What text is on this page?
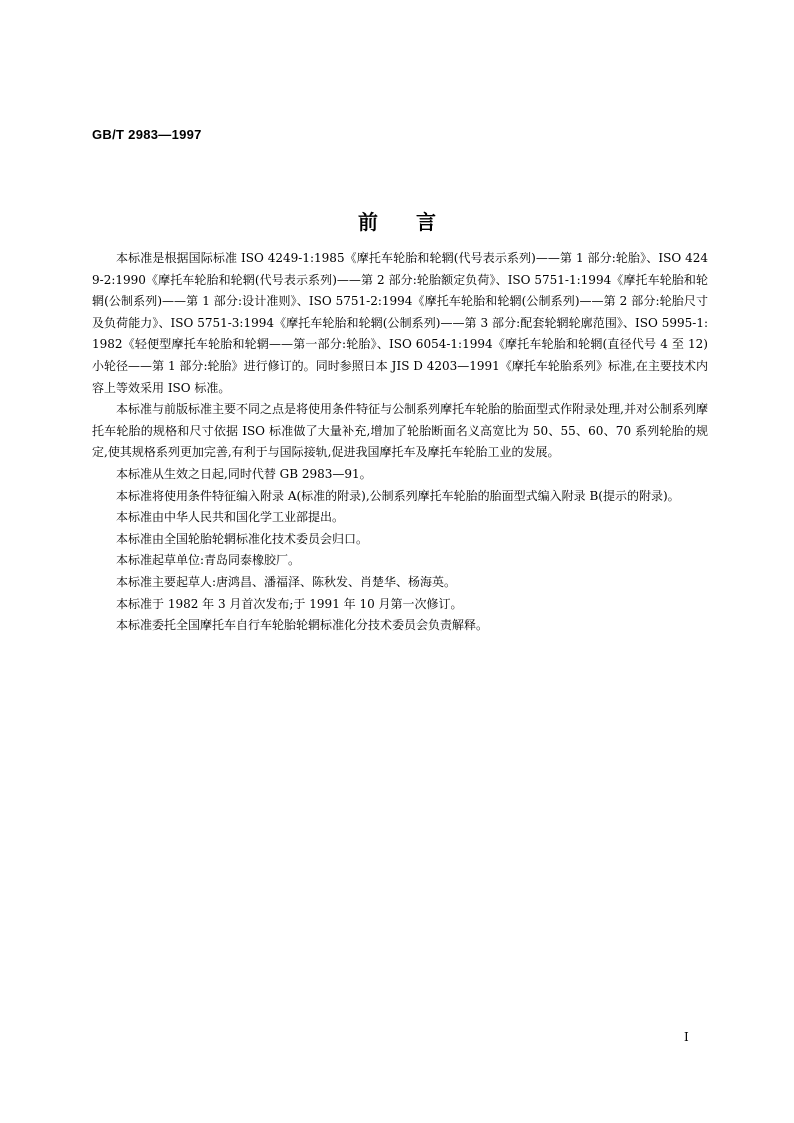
GB/T 2983—1997
前言

本标准是根据国际标准 ISO 4249-1:1985《摩托车轮胎和轮辋(代号表示系列)——第 1 部分:轮胎》、ISO 4249-2:1990《摩托车轮胎和轮辋(代号表示系列)——第 2 部分:轮胎额定负荷》、ISO 5751-1:1994《摩托车轮胎和轮辋(公制系列)——第 1 部分:设计准则》、ISO 5751-2:1994《摩托车轮胎和轮辋(公制系列)——第 2 部分:轮胎尺寸及负荷能力》、ISO 5751-3:1994《摩托车轮胎和轮辋(公制系列)——第 3 部分:配套轮辋轮廓范围》、ISO 5995-1:1982《轻便型摩托车轮胎和轮辋——第一部分:轮胎》、ISO 6054-1:1994《摩托车轮胎和轮辋(直径代号 4 至 12)小轮径——第 1 部分:轮胎》进行修订的。同时参照日本 JIS D 4203—1991《摩托车轮胎系列》标准,在主要技术内容上等效采用 ISO 标准。

本标准与前版标准主要不同之点是将使用条件特征与公制系列摩托车轮胎的胎面型式作附录处理,并对公制系列摩托车轮胎的规格和尺寸依据 ISO 标准做了大量补充,增加了轮胎断面名义高宽比为 50、55、60、70 系列轮胎的规定,使其规格系列更加完善,有利于与国际接轨,促进我国摩托车及摩托车轮胎工业的发展。

本标准从生效之日起,同时代替 GB 2983—91。

本标准将使用条件特征编入附录 A(标准的附录),公制系列摩托车轮胎的胎面型式编入附录 B(提示的附录)。

本标准由中华人民共和国化学工业部提出。

本标准由全国轮胎轮辋标准化技术委员会归口。

本标准起草单位:青岛同泰橡胶厂。

本标准主要起草人:唐鸿昌、潘福泽、陈秋发、肖楚华、杨海英。

本标准于 1982 年 3 月首次发布;于 1991 年 10 月第一次修订。

本标准委托全国摩托车自行车轮胎轮辋标准化分技术委员会负责解释。

I
